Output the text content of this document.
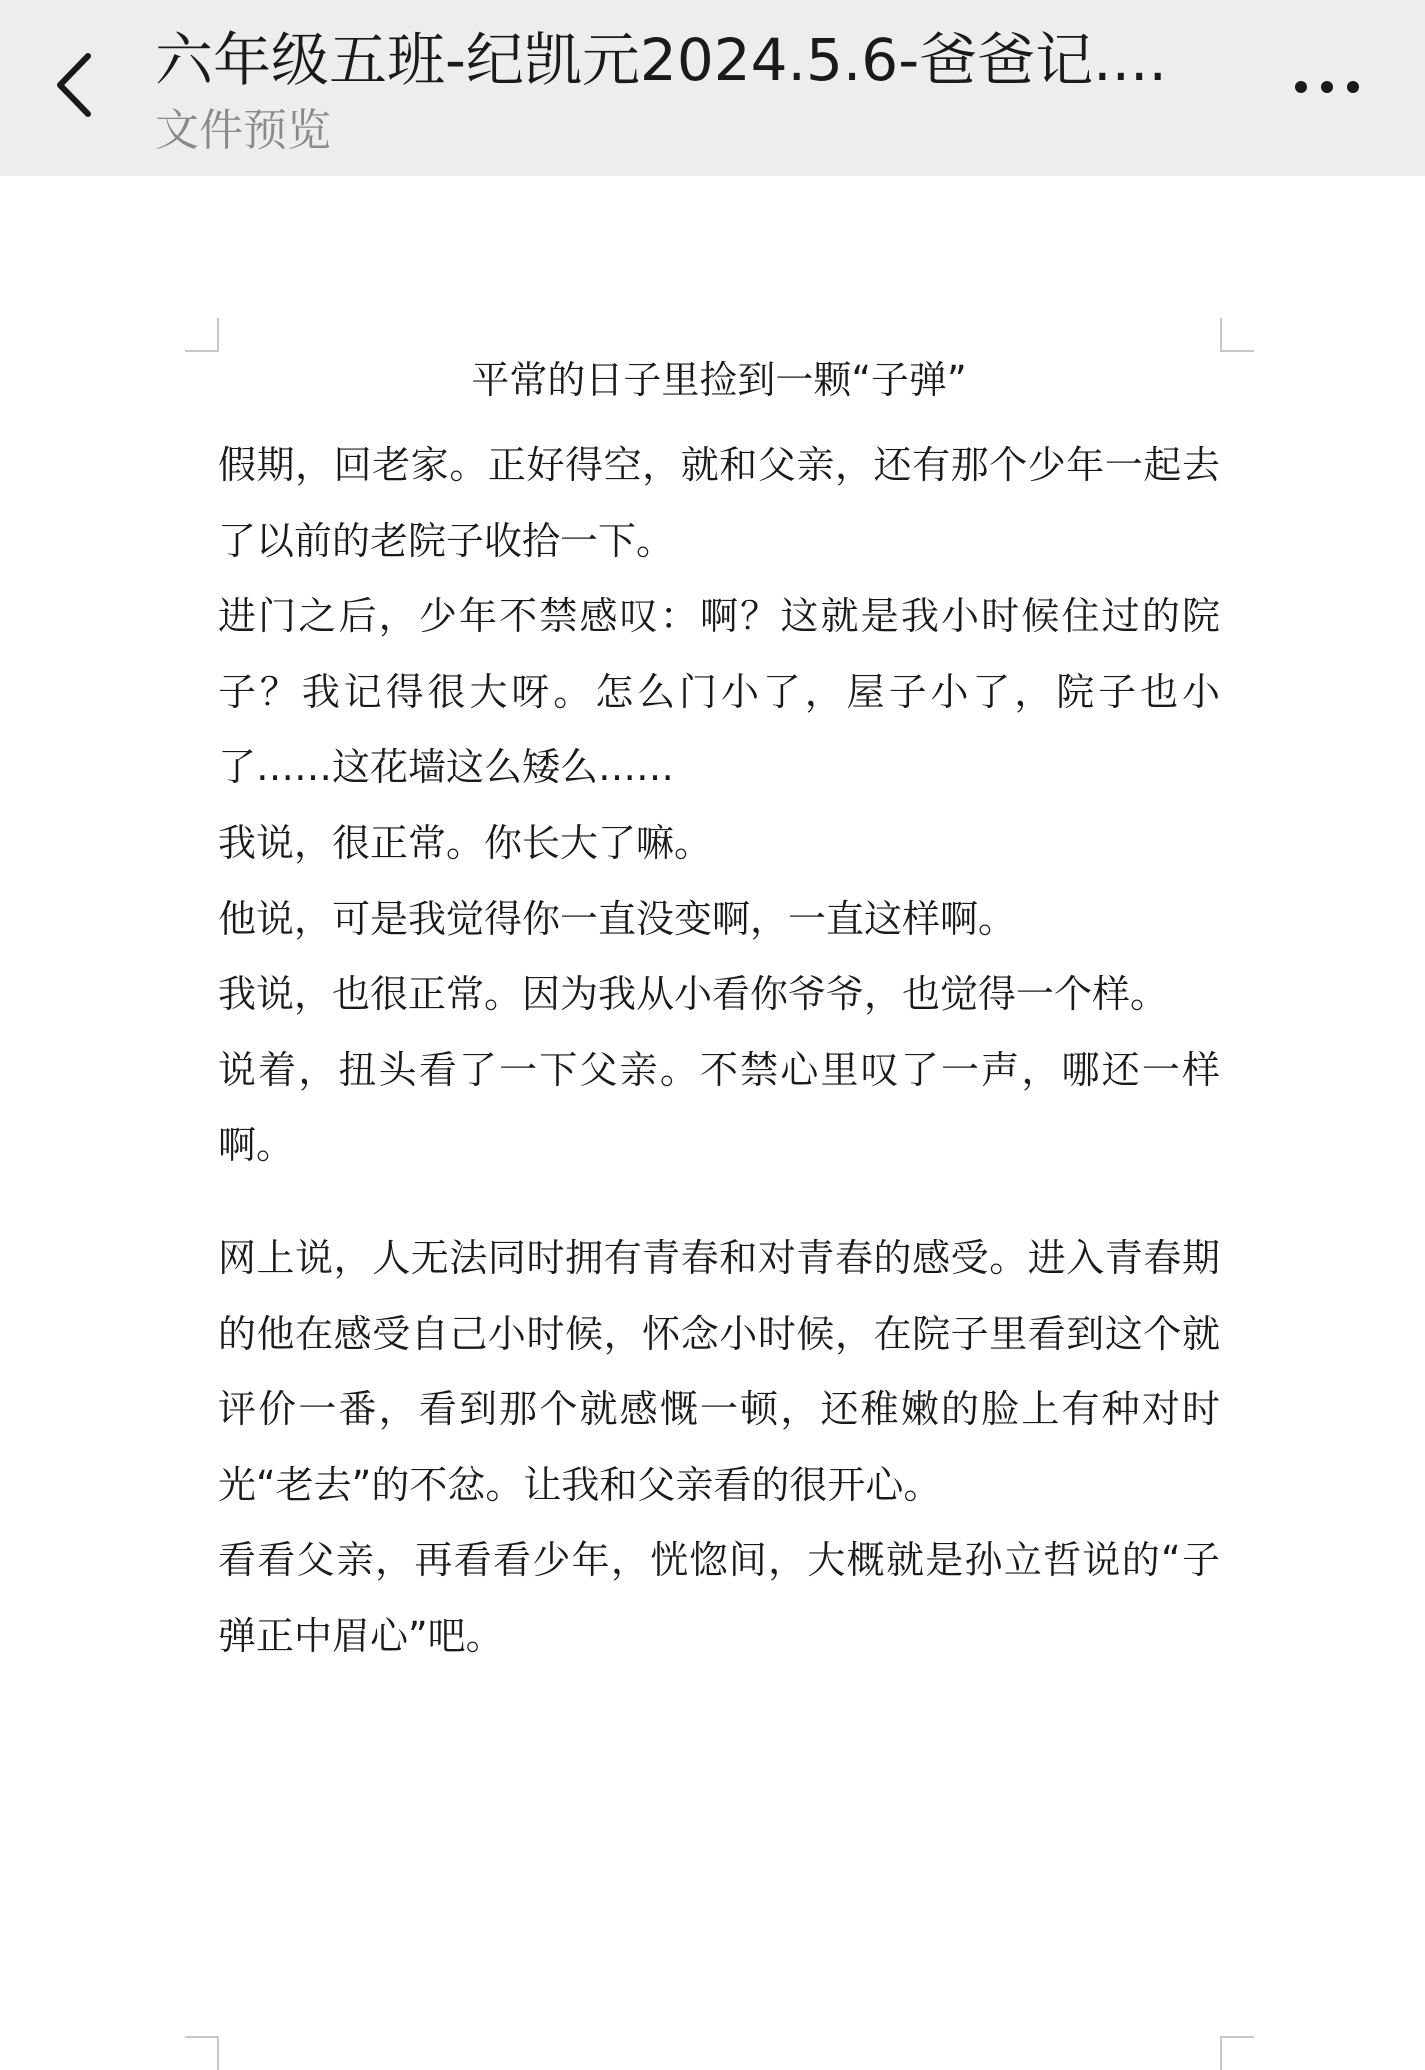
六年级五班-纪凯元2024.5.6-爸爸记....
文件预览
平常的日子里捡到一颗“子弹”

假期，回老家。正好得空，就和父亲，还有那个少年一起去了以前的老院子收拾一下。

进门之后，少年不禁感叹：啊？这就是我小时候住过的院子？我记得很大呀。怎么门小了，屋子小了，院子也小了……这花墙这么矮么……

我说，很正常。你长大了嘛。

他说，可是我觉得你一直没变啊，一直这样啊。

我说，也很正常。因为我从小看你爷爷，也觉得一个样。

说着，扭头看了一下父亲。不禁心里叹了一声，哪还一样啊。

网上说，人无法同时拥有青春和对青春的感受。进入青春期的他在感受自己小时候，怀念小时候，在院子里看到这个就评价一番，看到那个就感慨一顿，还稚嫩的脸上有种对时光“老去”的不忿。让我和父亲看的很开心。

看看父亲，再看看少年，恍惚间，大概就是孙立哲说的“子弹正中眉心”吧。
